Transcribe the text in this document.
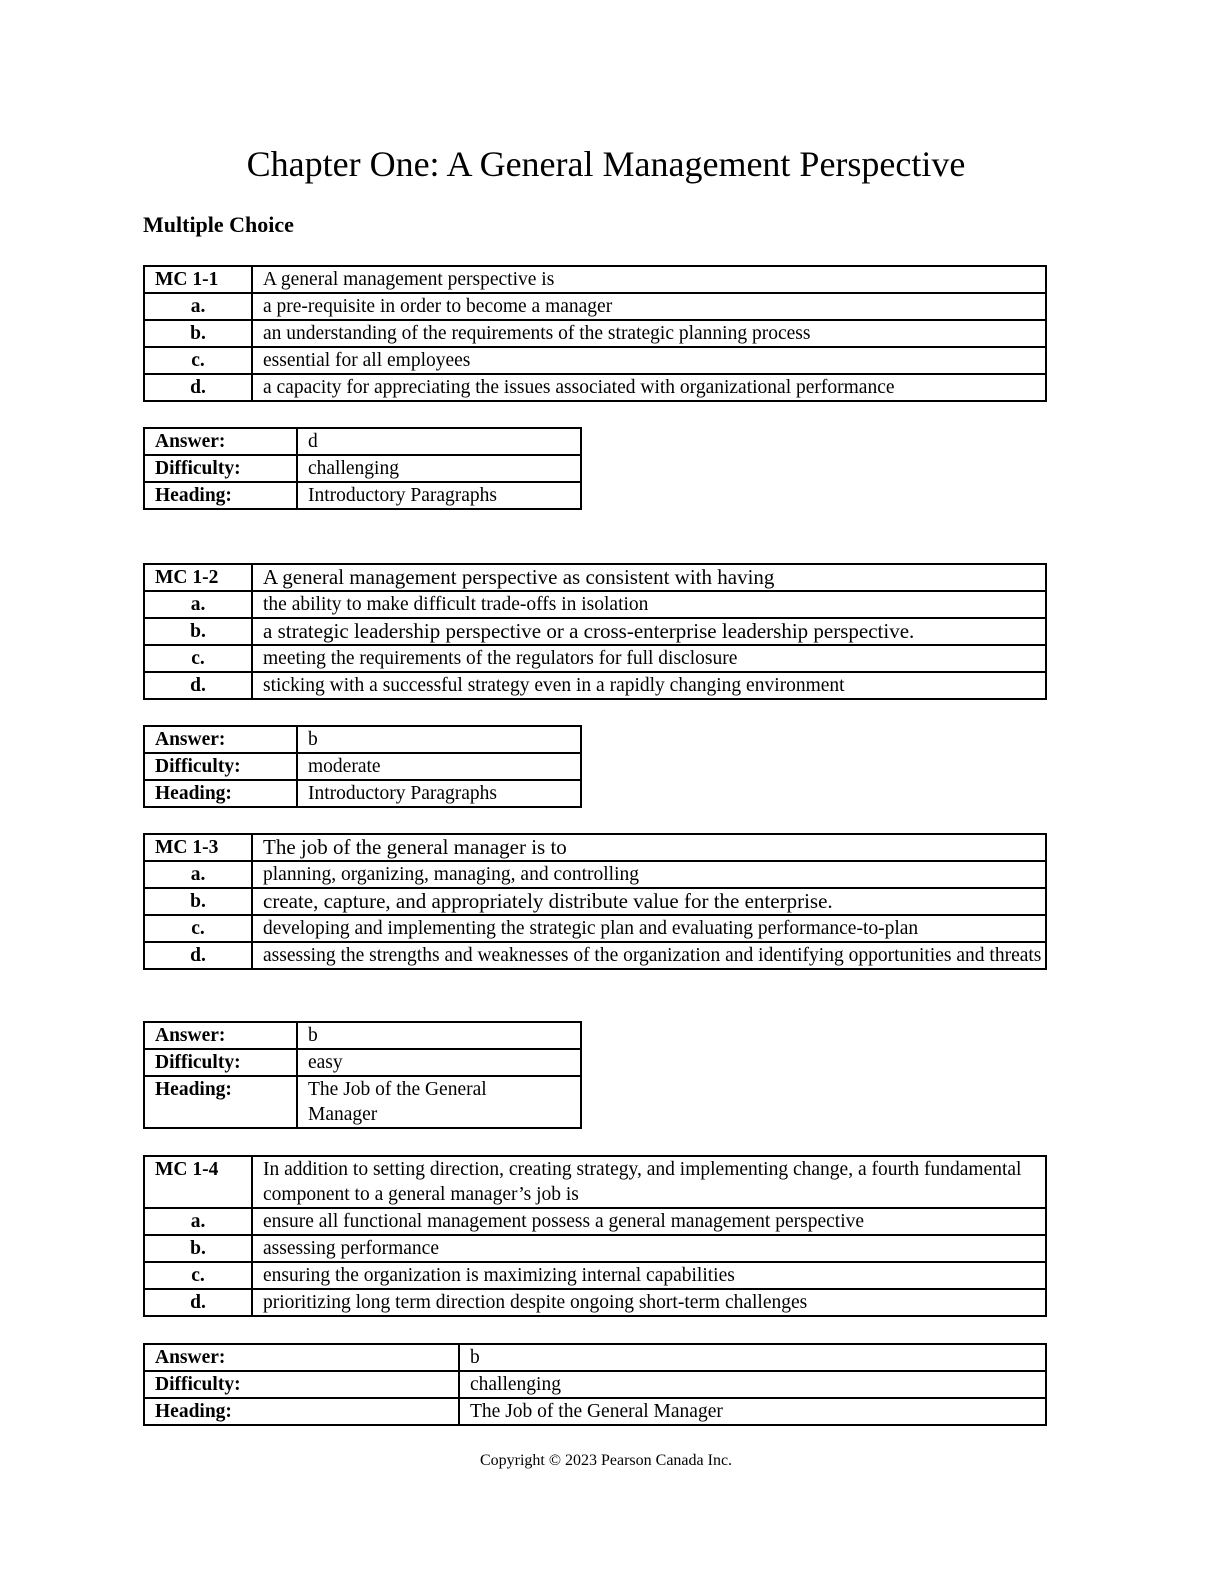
Chapter One: A General Management Perspective
Multiple Choice
MC 1-1	A general management perspective is
a.	a pre-requisite in order to become a manager
b.	an understanding of the requirements of the strategic planning process
c.	essential for all employees
d.	a capacity for appreciating the issues associated with organizational performance
Answer:	d
Difficulty:	challenging
Heading:	Introductory Paragraphs
MC 1-2	A general management perspective as consistent with having
a.	the ability to make difficult trade-offs in isolation
b.	a strategic leadership perspective or a cross-enterprise leadership perspective.
c.	meeting the requirements of the regulators for full disclosure
d.	sticking with a successful strategy even in a rapidly changing environment
Answer:	b
Difficulty:	moderate
Heading:	Introductory Paragraphs
MC 1-3	The job of the general manager is to
a.	planning, organizing, managing, and controlling
b.	create, capture, and appropriately distribute value for the enterprise.
c.	developing and implementing the strategic plan and evaluating performance-to-plan
d.	assessing the strengths and weaknesses of the organization and identifying opportunities and threats
Answer:	b
Difficulty:	easy
Heading:	The Job of the General Manager
MC 1-4	In addition to setting direction, creating strategy, and implementing change, a fourth fundamental component to a general manager’s job is
a.	ensure all functional management possess a general management perspective
b.	assessing performance
c.	ensuring the organization is maximizing internal capabilities
d.	prioritizing long term direction despite ongoing short-term challenges
Answer:	b
Difficulty:	challenging
Heading:	The Job of the General Manager
Copyright © 2023 Pearson Canada Inc.
